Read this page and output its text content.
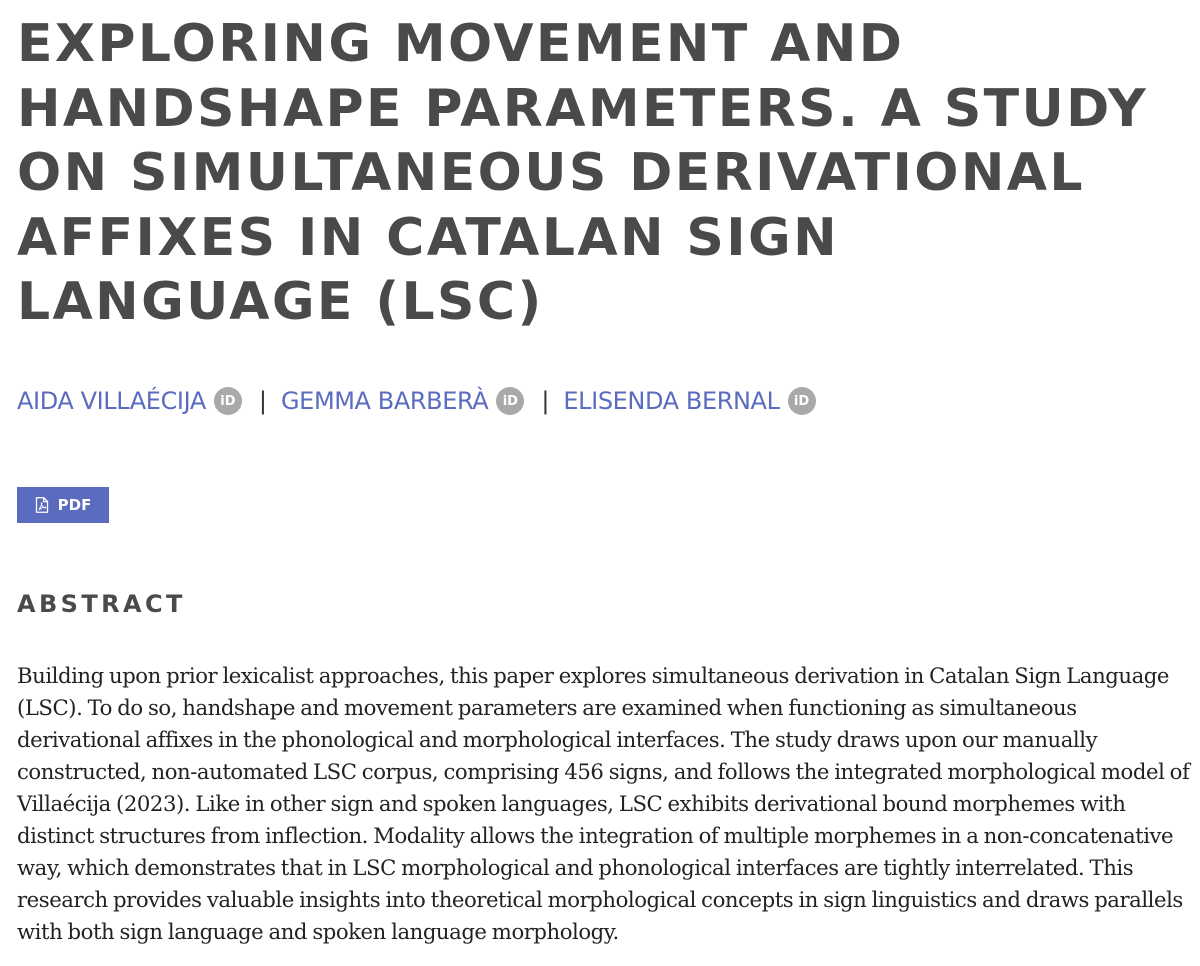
EXPLORING MOVEMENT AND HANDSHAPE PARAMETERS. A STUDY ON SIMULTANEOUS DERIVATIONAL AFFIXES IN CATALAN SIGN LANGUAGE (LSC)
AIDA VILLAÉCIJA	iD | GEMMA BARBERÀ	iD | ELISENDA BERNAL	iD
PDF
ABSTRACT

Building upon prior lexicalist approaches, this paper explores simultaneous derivation in Catalan Sign Language (LSC). To do so, handshape and movement parameters are examined when functioning as simultaneous derivational affixes in the phonological and morphological interfaces. The study draws upon our manually constructed, non-automated LSC corpus, comprising 456 signs, and follows the integrated morphological model of Villaécija (2023). Like in other sign and spoken languages, LSC exhibits derivational bound morphemes with distinct structures from inflection. Modality allows the integration of multiple morphemes in a non-concatenative way, which demonstrates that in LSC morphological and phonological interfaces are tightly interrelated. This research provides valuable insights into theoretical morphological concepts in sign linguistics and draws parallels with both sign language and spoken language morphology.
